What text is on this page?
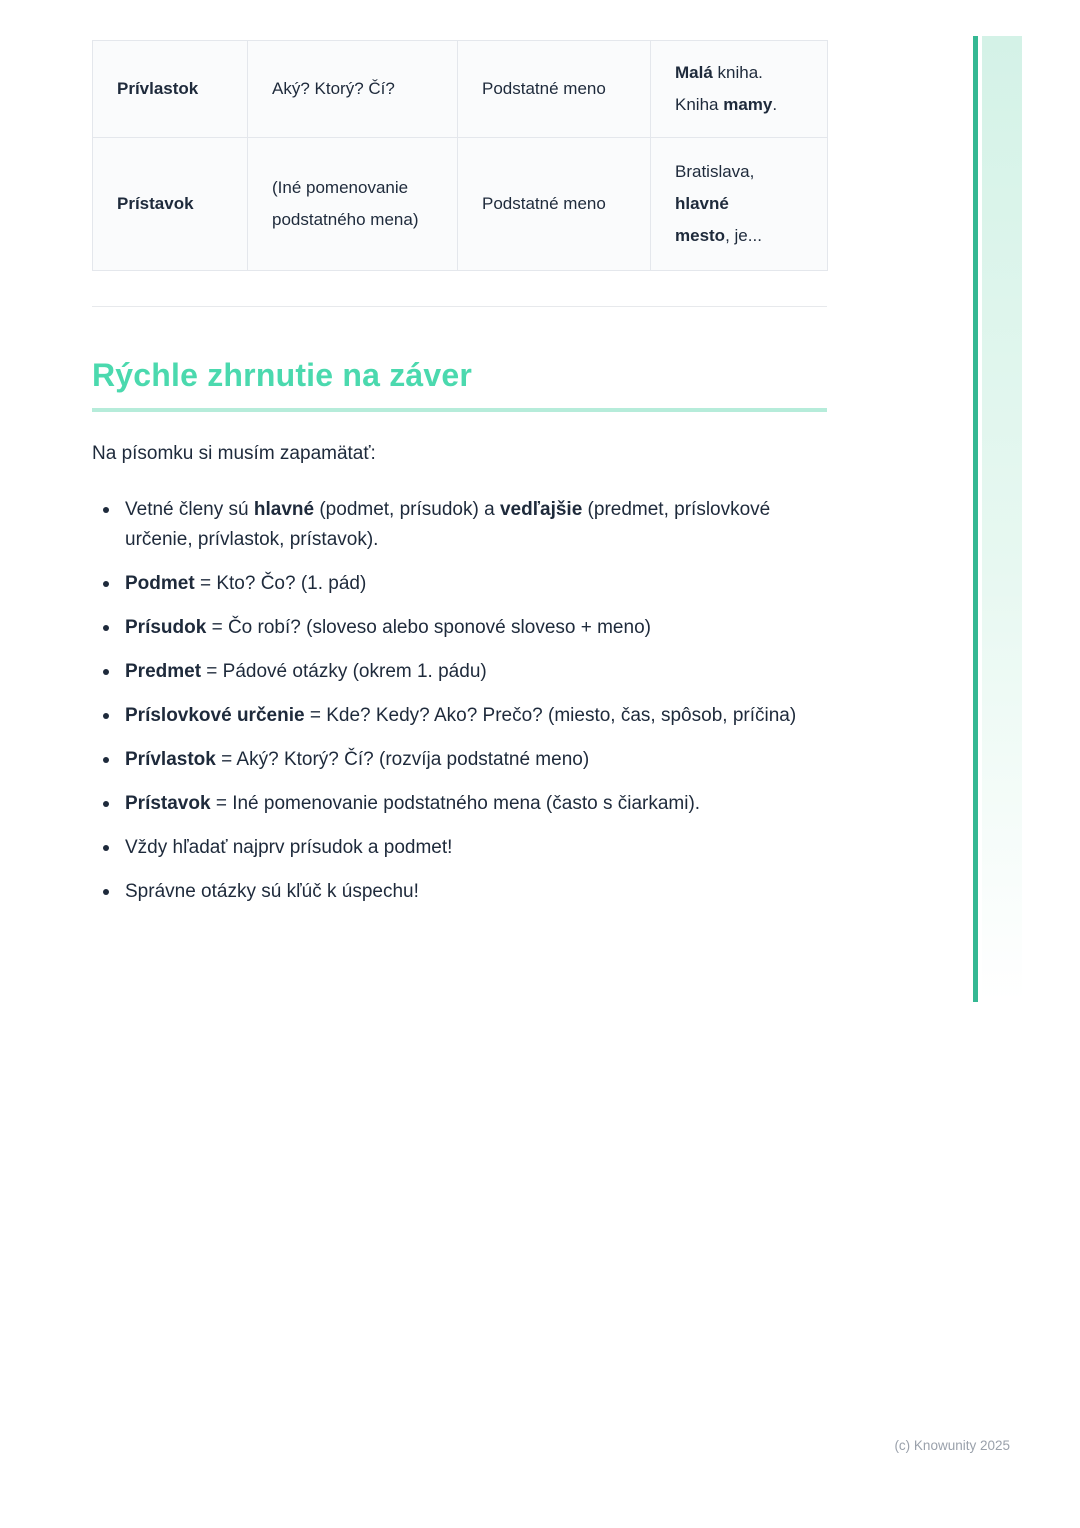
Prívlastok	Aký? Ktorý? Čí?	Podstatné meno	Malá kniha.
Kniha mamy.
Prístavok	(Iné pomenovanie podstatného mena)	Podstatné meno	Bratislava,
hlavné
mesto, je...
Rýchle zhrnutie na záver

Na písomku si musím zapamätať:

Vetné členy sú hlavné (podmet, prísudok) a vedľajšie (predmet, príslovkové určenie, prívlastok, prístavok).
Podmet = Kto? Čo? (1. pád)
Prísudok = Čo robí? (sloveso alebo sponové sloveso + meno)
Predmet = Pádové otázky (okrem 1. pádu)
Príslovkové určenie = Kde? Kedy? Ako? Prečo? (miesto, čas, spôsob, príčina)
Prívlastok = Aký? Ktorý? Čí? (rozvíja podstatné meno)
Prístavok = Iné pomenovanie podstatného mena (často s čiarkami).
Vždy hľadať najprv prísudok a podmet!
Správne otázky sú kľúč k úspechu!
(c) Knowunity 2025
